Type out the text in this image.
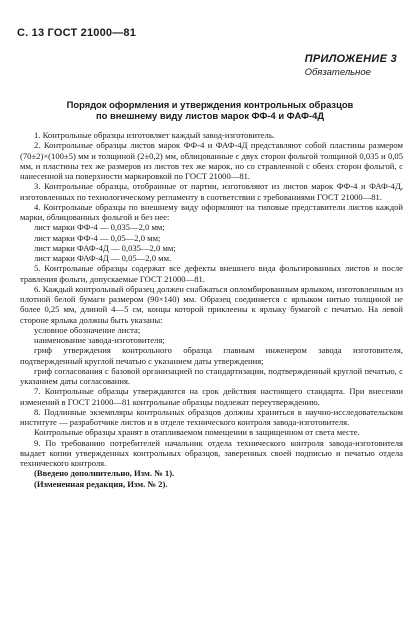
С. 13 ГОСТ 21000—81
ПРИЛОЖЕНИЕ 3
Обязательное
Порядок оформления и утверждения контрольных образцов
по внешнему виду листов марок ФФ-4 и ФАФ-4Д

1. Контрольные образцы изготовляет каждый завод-изготовитель.

2. Контрольные образцы листов марок ФФ-4 и ФАФ-4Д представляют собой пластины размером (70±2)×(100±5) мм и толщиной (2±0,2) мм, облицованные с двух сторон фольгой толщиной 0,035 и 0,05 мм, и пластины тех же размеров из листов тех же марок, но со стравленной с обеих сторон фольгой, с нанесенной на поверхности маркировкой по ГОСТ 21000—81.

3. Контрольные образцы, отобранные от партии, изготовляют из листов марок ФФ-4 и ФАФ-4Д, изготовленных по технологическому регламенту в соответствии с требованиями ГОСТ 21000—81.

4. Контрольные образцы по внешнему виду оформляют на типовые представители листов каждой марки, облицованных фольгой и без нее:

лист марки ФФ-4 — 0,035—2,0 мм;

лист марки ФФ-4 — 0,05—2,0 мм;

лист марки ФАФ-4Д — 0,035—2,0 мм;

лист марки ФАФ-4Д — 0,05—2,0 мм.

5. Контрольные образцы содержат все дефекты внешнего вида фольгированных листов и после травления фольги, допускаемые ГОСТ 21000—81.

6. Каждый контрольный образец должен снабжаться опломбированным ярлыком, изготовленным из плотной белой бумаги размером (90×140) мм. Образец соединяется с ярлыком нитью толщиной не более 0,25 мм, длиной 4—5 см, концы которой приклеены к ярлыку бумагой с печатью. На левой стороне ярлыка должны быть указаны:

условное обозначение листа;

наименование завода-изготовителя;

гриф утверждения контрольного образца главным инженером завода изготовителя, подтвержденный круглой печатью с указанием даты утверждения;

гриф согласования с базовой организацией по стандартизации, подтвержденный круглой печатью, с указанием даты согласования.

7. Контрольные образцы утверждаются на срок действия настоящего стандарта. При внесении изменений в ГОСТ 21000—81 контрольные образцы подлежат переутверждению.

8. Подлинные экземпляры контрольных образцов должны храниться в научно-исследовательском институте — разработчике листов и в отделе технического контроля завода-изготовителя.

Контрольные образцы хранят в отапливаемом помещении в защищенном от света месте.

9. По требованию потребителей начальник отдела технического контроля завода-изготовителя выдает копии утвержденных контрольных образцов, заверенных своей подписью и печатью отдела технического контроля.

(Введено дополнительно, Изм. № 1).

(Измененная редакция, Изм. № 2).
